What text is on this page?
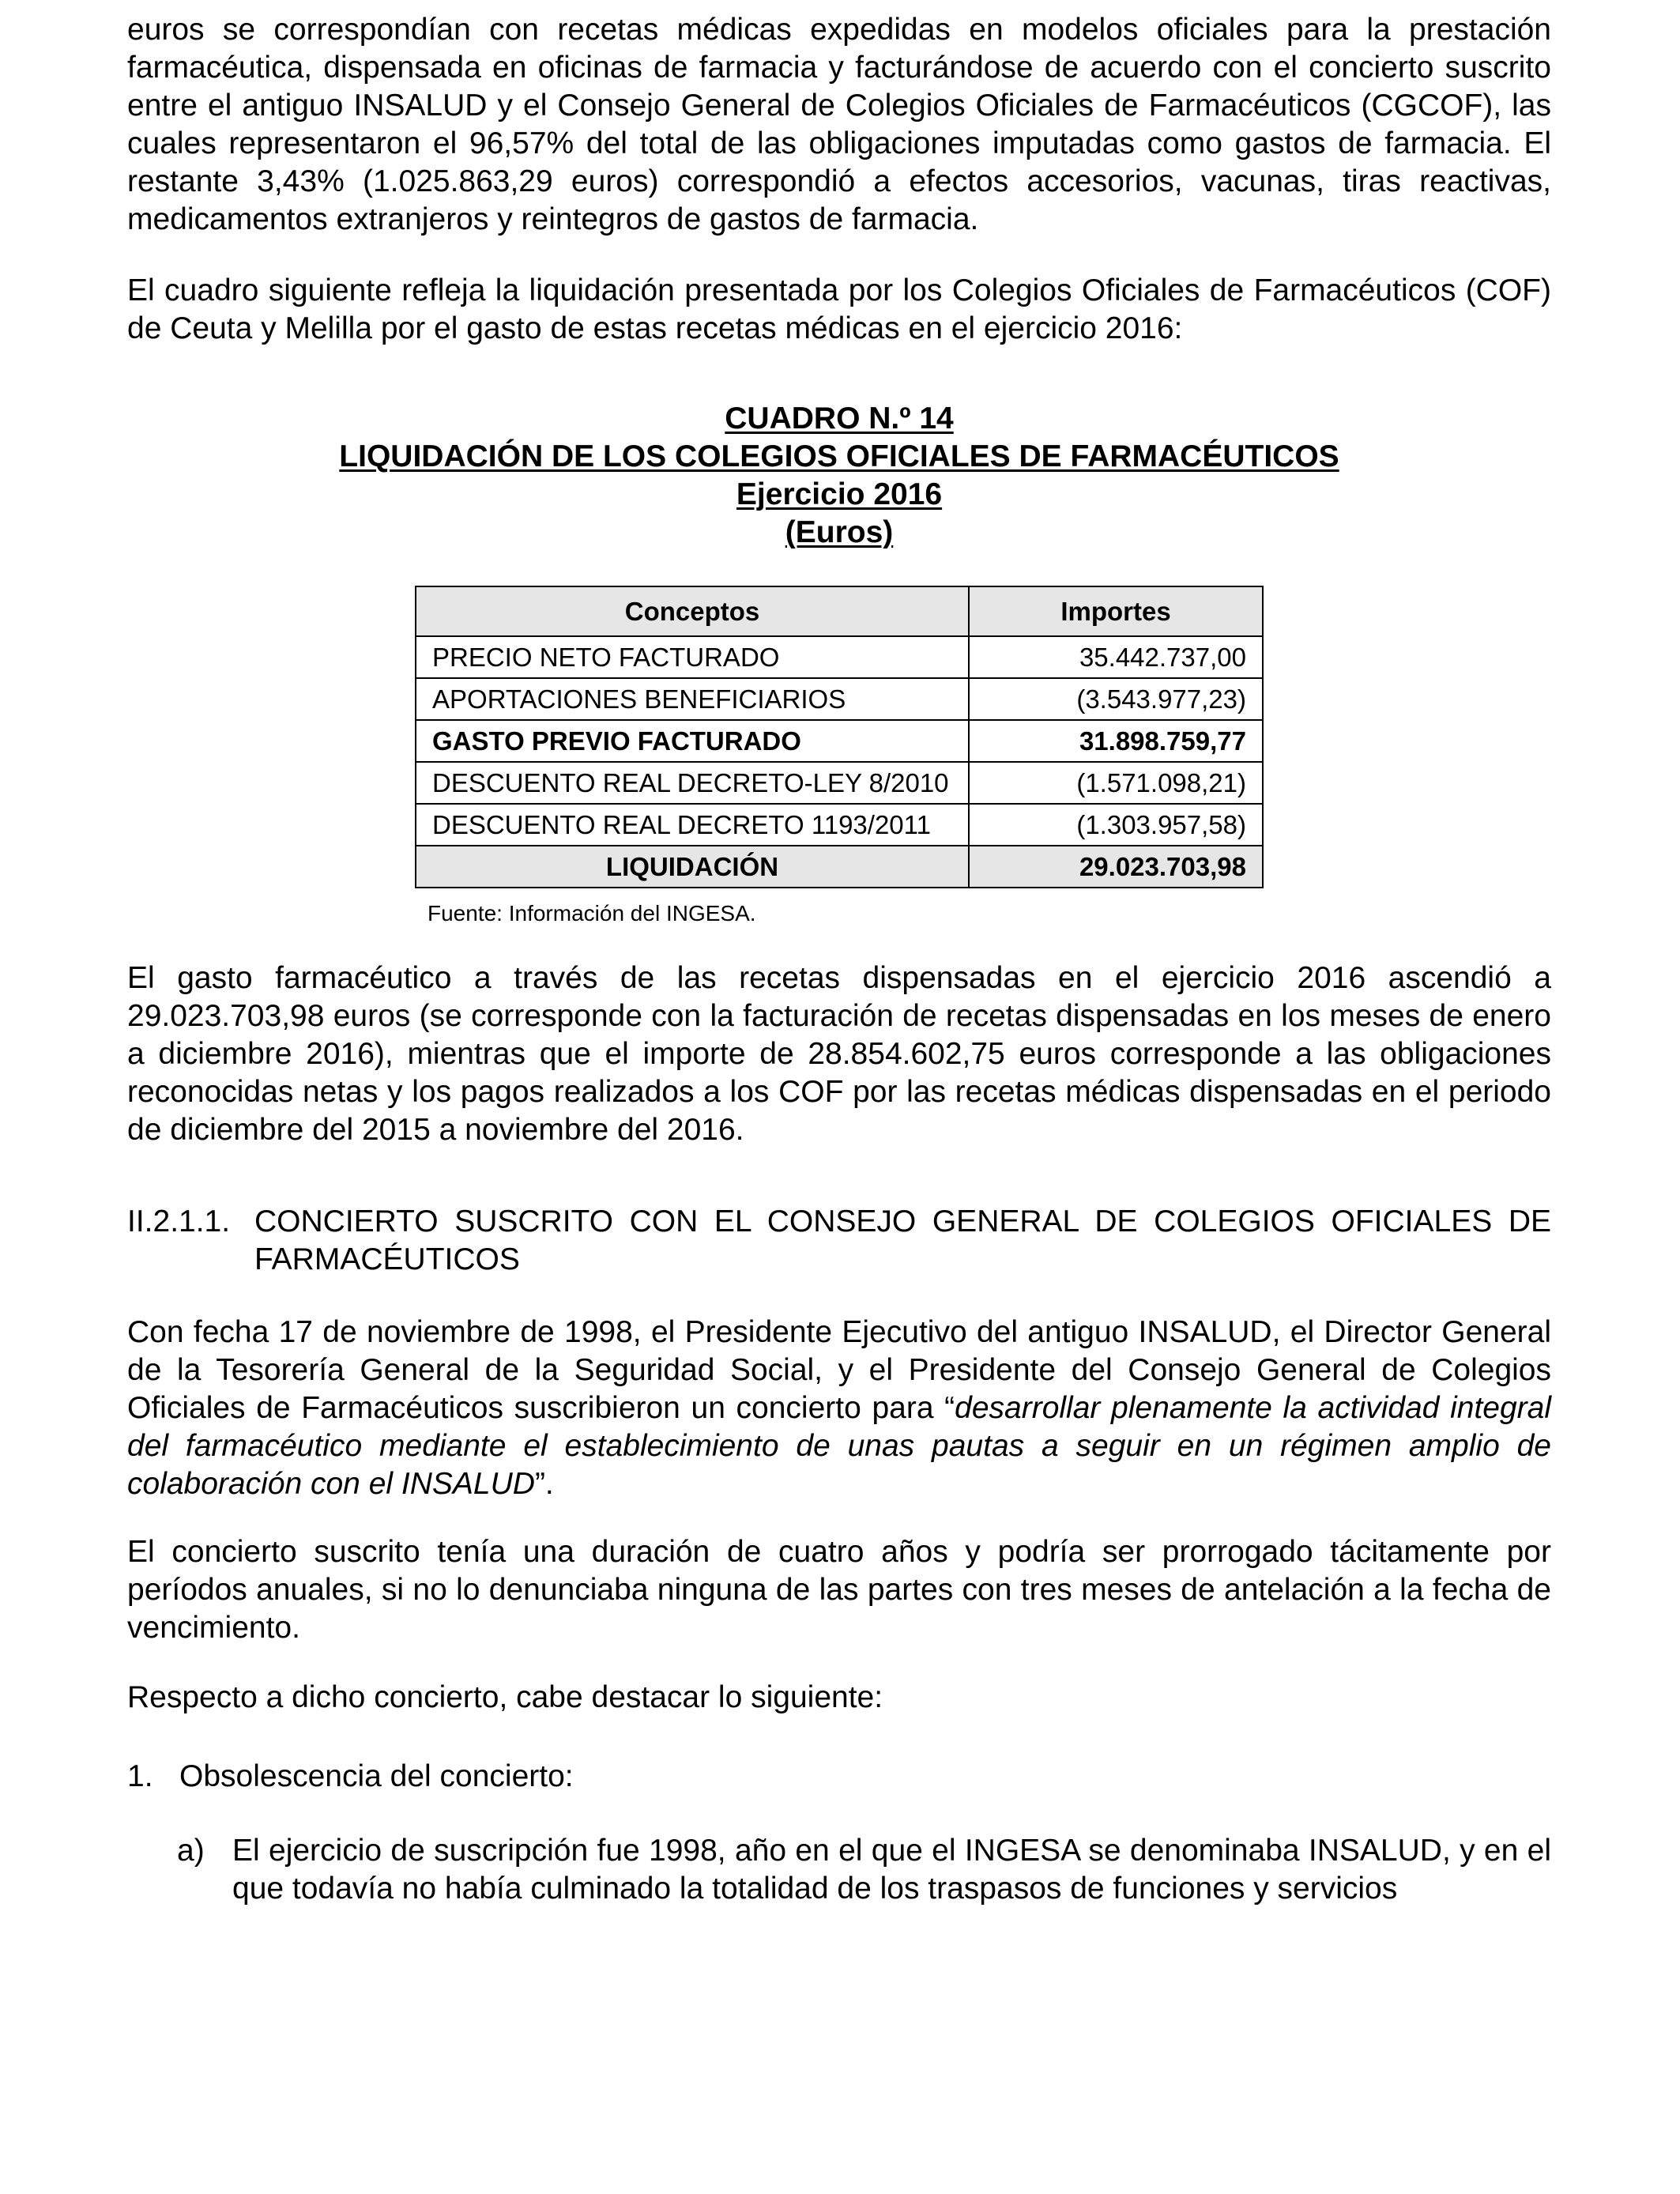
euros se correspondían con recetas médicas expedidas en modelos oficiales para la prestación farmacéutica, dispensada en oficinas de farmacia y facturándose de acuerdo con el concierto suscrito entre el antiguo INSALUD y el Consejo General de Colegios Oficiales de Farmacéuticos (CGCOF), las cuales representaron el 96,57% del total de las obligaciones imputadas como gastos de farmacia. El restante 3,43% (1.025.863,29 euros) correspondió a efectos accesorios, vacunas, tiras reactivas, medicamentos extranjeros y reintegros de gastos de farmacia.

El cuadro siguiente refleja la liquidación presentada por los Colegios Oficiales de Farmacéuticos (COF) de Ceuta y Melilla por el gasto de estas recetas médicas en el ejercicio 2016:

CUADRO N.º 14
LIQUIDACIÓN DE LOS COLEGIOS OFICIALES DE FARMACÉUTICOS
Ejercicio 2016
(Euros)
Conceptos	Importes
PRECIO NETO FACTURADO	35.442.737,00
APORTACIONES BENEFICIARIOS	(3.543.977,23)
GASTO PREVIO FACTURADO	31.898.759,77
DESCUENTO REAL DECRETO-LEY 8/2010	(1.571.098,21)
DESCUENTO REAL DECRETO 1193/2011	(1.303.957,58)
LIQUIDACIÓN	29.023.703,98
Fuente: Información del INGESA.

El gasto farmacéutico a través de las recetas dispensadas en el ejercicio 2016 ascendió a 29.023.703,98 euros (se corresponde con la facturación de recetas dispensadas en los meses de enero a diciembre 2016), mientras que el importe de 28.854.602,75 euros corresponde a las obligaciones reconocidas netas y los pagos realizados a los COF por las recetas médicas dispensadas en el periodo de diciembre del 2015 a noviembre del 2016.

II.2.1.1. CONCIERTO SUSCRITO CON EL CONSEJO GENERAL DE COLEGIOS OFICIALES DE FARMACÉUTICOS

Con fecha 17 de noviembre de 1998, el Presidente Ejecutivo del antiguo INSALUD, el Director General de la Tesorería General de la Seguridad Social, y el Presidente del Consejo General de Colegios Oficiales de Farmacéuticos suscribieron un concierto para “desarrollar plenamente la actividad integral del farmacéutico mediante el establecimiento de unas pautas a seguir en un régimen amplio de colaboración con el INSALUD”.

El concierto suscrito tenía una duración de cuatro años y podría ser prorrogado tácitamente por períodos anuales, si no lo denunciaba ninguna de las partes con tres meses de antelación a la fecha de vencimiento.

Respecto a dicho concierto, cabe destacar lo siguiente:

1. Obsolescencia del concierto:
a) El ejercicio de suscripción fue 1998, año en el que el INGESA se denominaba INSALUD, y en el que todavía no había culminado la totalidad de los traspasos de funciones y servicios
